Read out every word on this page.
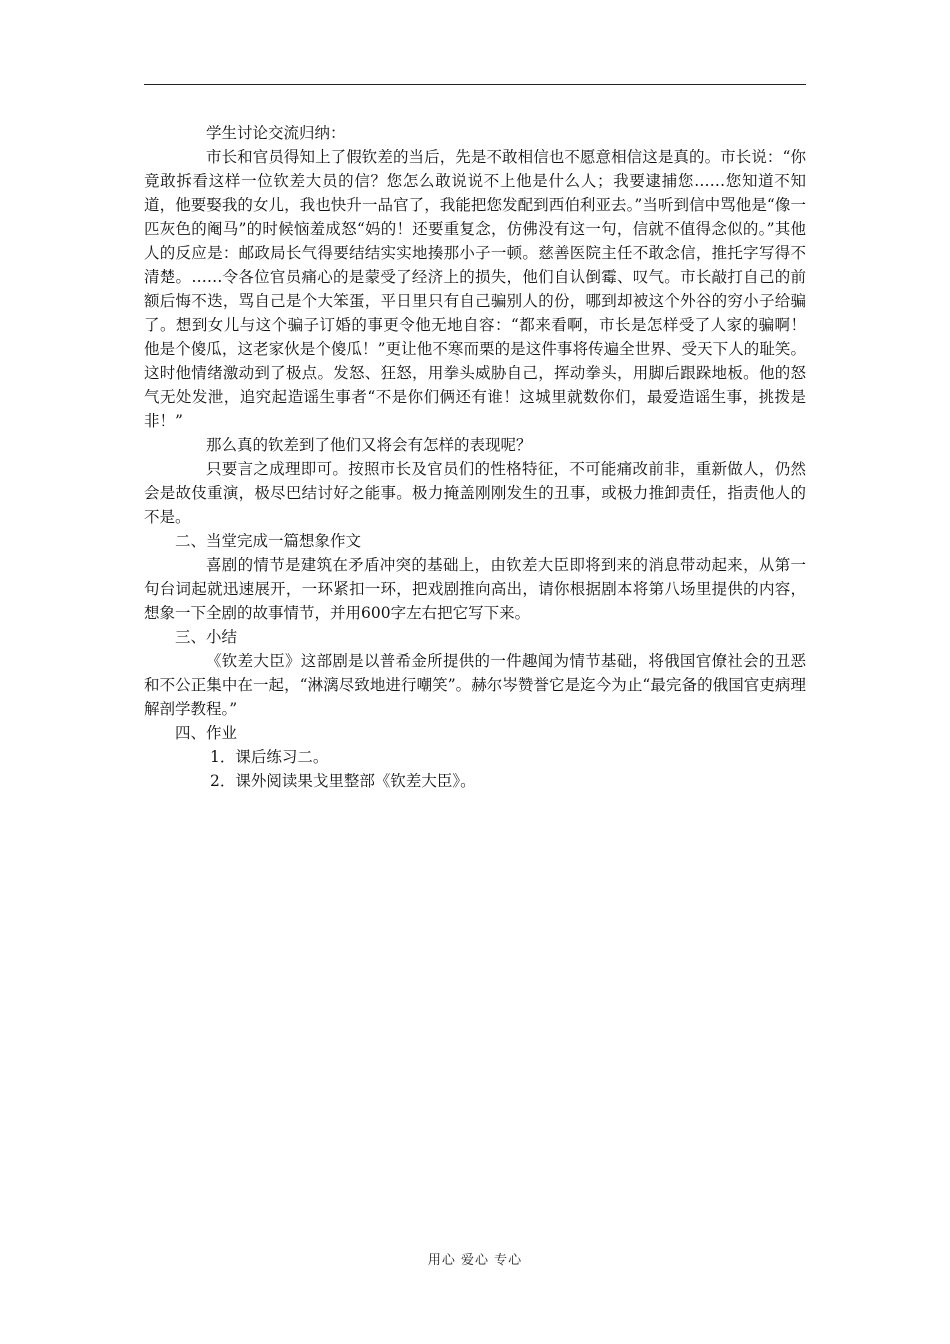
学生讨论交流归纳：

市长和官员得知上了假钦差的当后，先是不敢相信也不愿意相信这是真的。市长说：“你竟敢拆看这样一位钦差大员的信？您怎么敢说说不上他是什么人；我要逮捕您……您知道不知道，他要娶我的女儿，我也快升一品官了，我能把您发配到西伯利亚去。”当听到信中骂他是“像一匹灰色的阉马”的时候恼羞成怒“妈的！还要重复念，仿佛没有这一句，信就不值得念似的。”其他人的反应是：邮政局长气得要结结实实地揍那小子一顿。慈善医院主任不敢念信，推托字写得不清楚。……令各位官员痛心的是蒙受了经济上的损失，他们自认倒霉、叹气。市长敲打自己的前额后悔不迭，骂自己是个大笨蛋，平日里只有自己骗别人的份，哪到却被这个外谷的穷小子给骗了。想到女儿与这个骗子订婚的事更令他无地自容：“都来看啊，市长是怎样受了人家的骗啊！ 他是个傻瓜，这老家伙是个傻瓜！”更让他不寒而栗的是这件事将传遍全世界、受天下人的耻笑。这时他情绪激动到了极点。发怒、狂怒，用拳头威胁自己，挥动拳头，用脚后跟跺地板。他的怒气无处发泄，追究起造谣生事者“不是你们俩还有谁！这城里就数你们，最爱造谣生事，挑拨是非！”

那么真的钦差到了他们又将会有怎样的表现呢？

只要言之成理即可。按照市长及官员们的性格特征，不可能痛改前非，重新做人，仍然会是故伎重演，极尽巴结讨好之能事。极力掩盖刚刚发生的丑事，或极力推卸责任，指责他人的不是。

二、当堂完成一篇想象作文

喜剧的情节是建筑在矛盾冲突的基础上，由钦差大臣即将到来的消息带动起来，从第一句台词起就迅速展开，一环紧扣一环，把戏剧推向高出，请你根据剧本将第八场里提供的内容，想象一下全剧的故事情节，并用600字左右把它写下来。

三、小结

《钦差大臣》这部剧是以普希金所提供的一件趣闻为情节基础，将俄国官僚社会的丑恶和不公正集中在一起，“淋漓尽致地进行嘲笑”。赫尔岑赞誉它是迄今为止“最完备的俄国官吏病理解剖学教程。”

四、作业

1．课后练习二。

2．课外阅读果戈里整部《钦差大臣》。

用心 爱心 专心
